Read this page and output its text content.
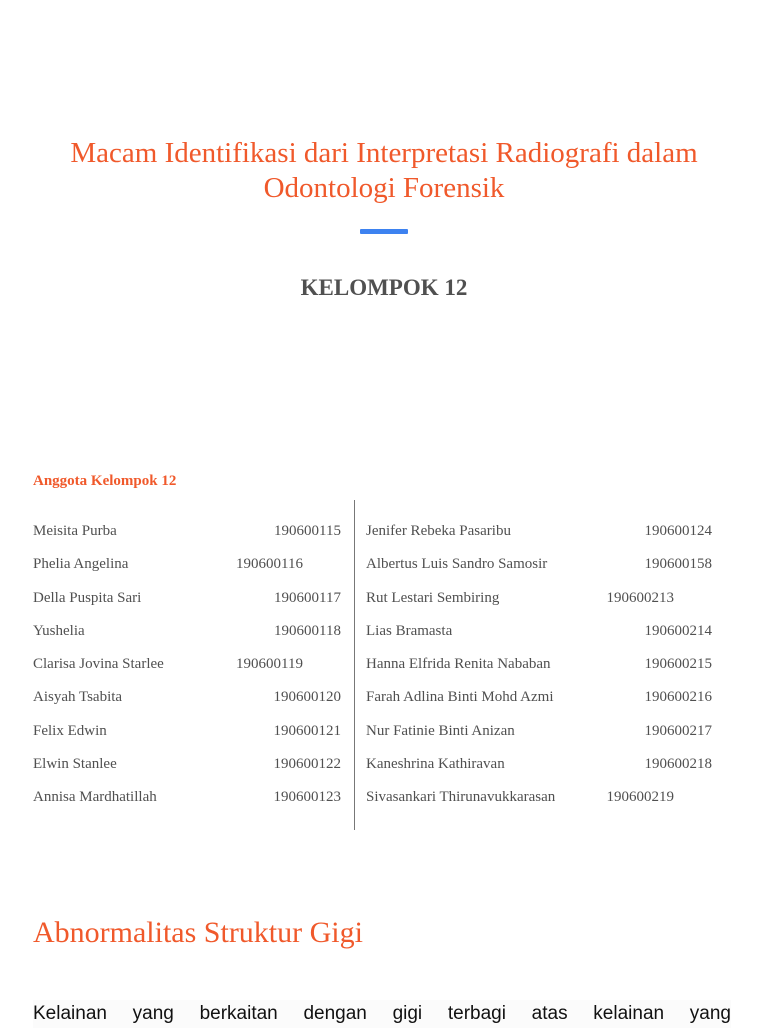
Macam Identifikasi dari Interpretasi Radiografi dalam
Odontologi Forensik
KELOMPOK 12
Anggota Kelompok 12
Meisita Purba	190600115
Phelia Angelina	190600116
Della Puspita Sari	190600117
Yushelia	190600118
Clarisa Jovina Starlee	190600119
Aisyah Tsabita	190600120
Felix Edwin	190600121
Elwin Stanlee	190600122
Annisa Mardhatillah	190600123
Jenifer Rebeka Pasaribu	190600124
Albertus Luis Sandro Samosir	190600158
Rut Lestari Sembiring	190600213
Lias Bramasta	190600214
Hanna Elfrida Renita Nababan	190600215
Farah Adlina Binti Mohd Azmi	190600216
Nur Fatinie Binti Anizan	190600217
Kaneshrina Kathiravan	190600218
Sivasankari Thirunavukkarasan	190600219
Abnormalitas Struktur Gigi

Kelainan yang berkaitan dengan gigi terbagi atas kelainan yang
